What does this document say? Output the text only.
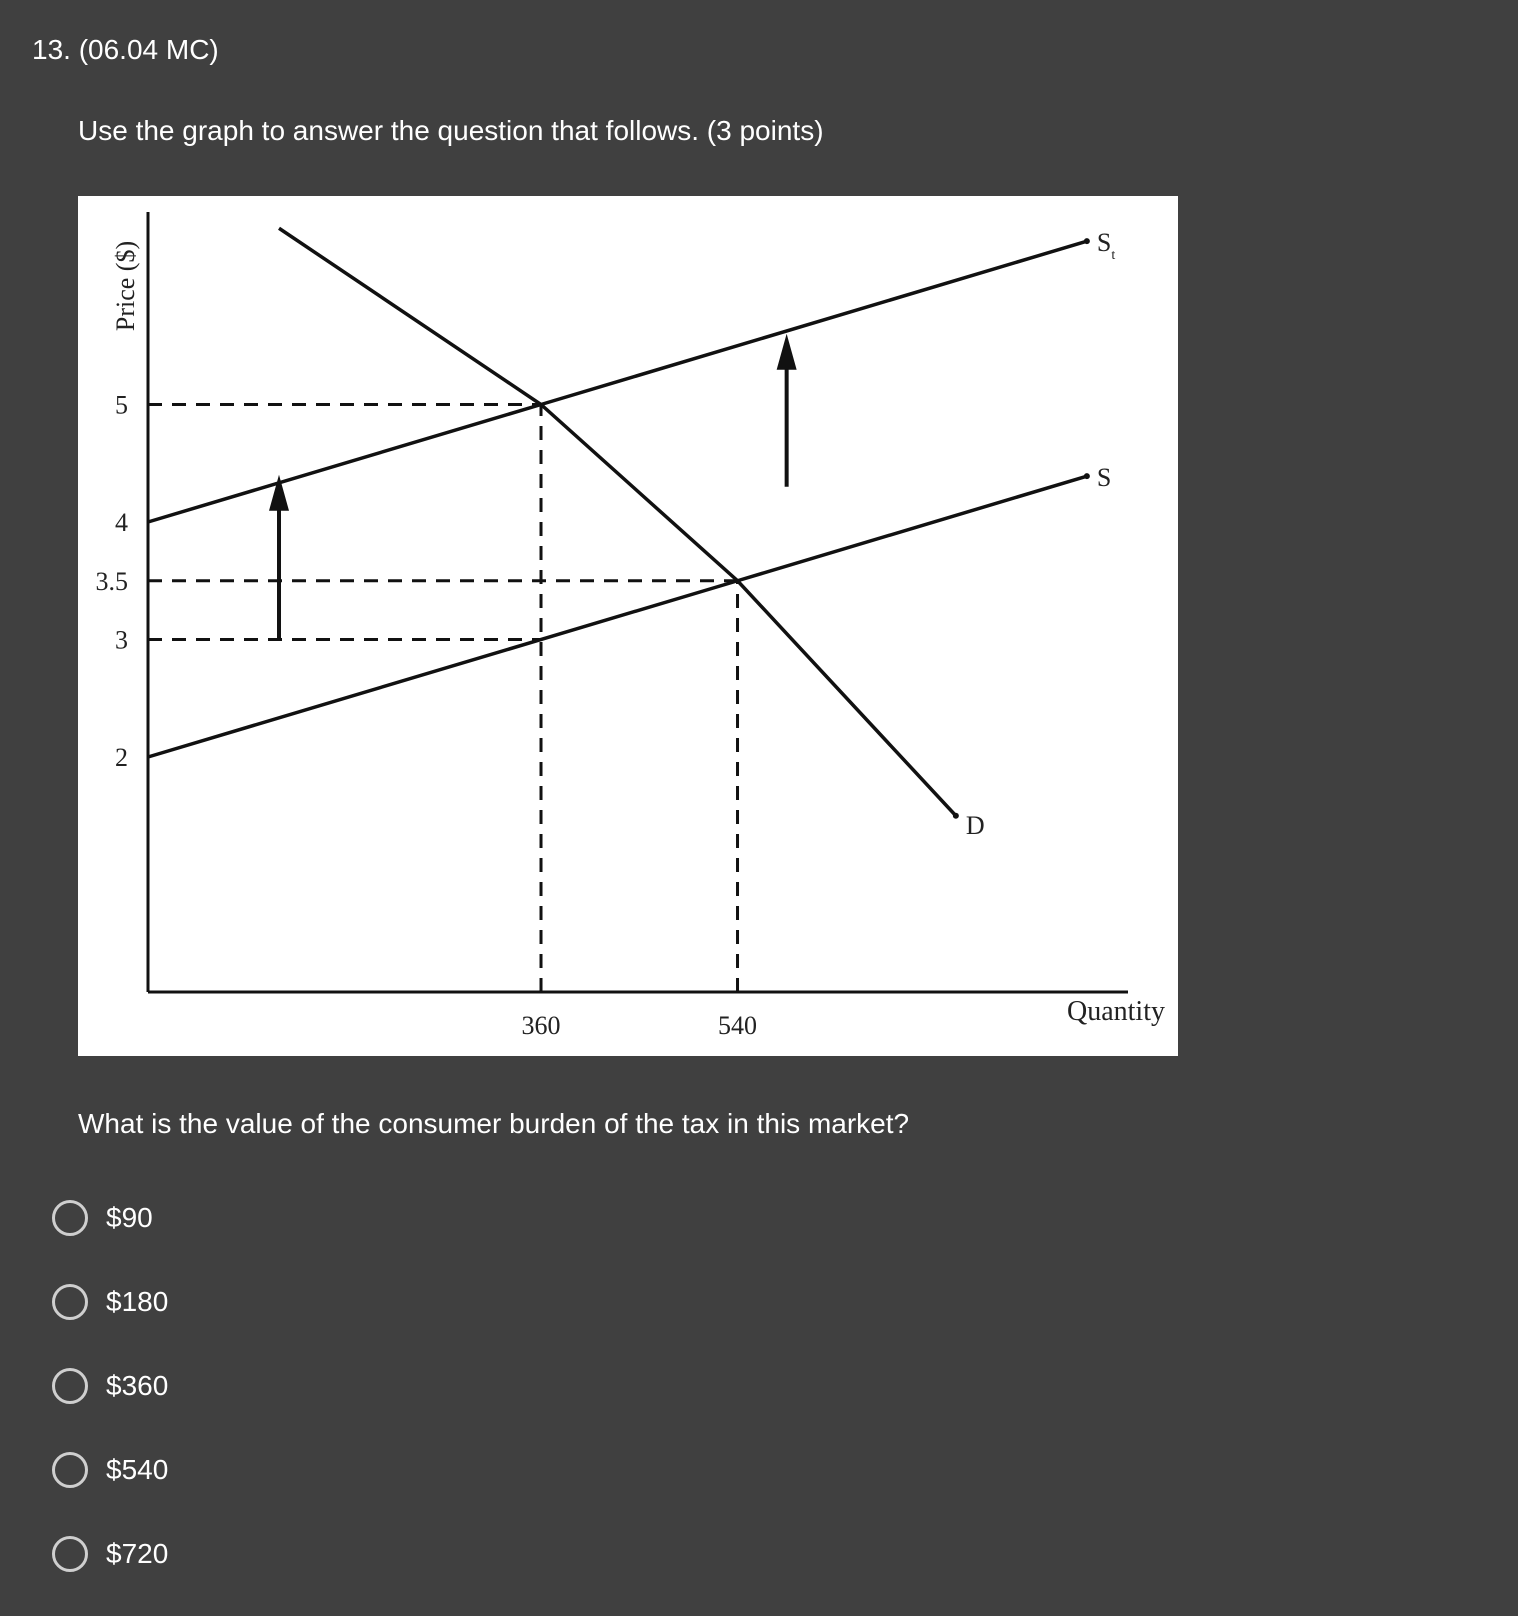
13. (06.04 MC)
Use the graph to answer the question that follows. (3 points)
S
$S_t$
D
5
4
3.5
3
2
360	540
Price ($)
Quantity
What is the value of the consumer burden of the tax in this market?
$90
$180
$360
$540
$720
